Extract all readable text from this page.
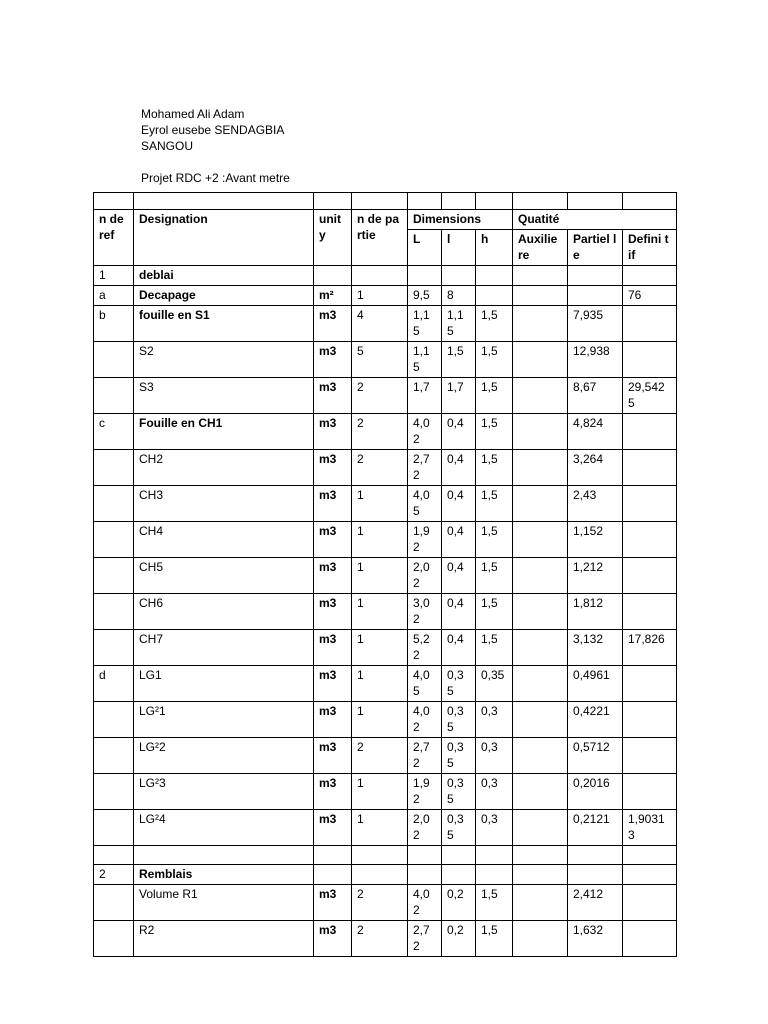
Mohamed Ali Adam
Eyrol eusebe SENDAGBIA
SANGOU
Projet RDC +2 :Avant metre

n de ref	Designation	unit y	n de partie	Dimensions			Quatité		
				L	l	h	Auxilie re	Partiel le	Defini tif
1	deblai								
a	Decapage	m²	1	9,5	8				76
b	fouille en S1	m3	4	1,15	1,15	1,5		7,935	
	S2	m3	5	1,15	1,5	1,5		12,938	
	S3	m3	2	1,7	1,7	1,5		8,67	29,5425
c	Fouille en CH1	m3	2	4,02	0,4	1,5		4,824	
	CH2	m3	2	2,72	0,4	1,5		3,264	
	CH3	m3	1	4,05	0,4	1,5		2,43	
	CH4	m3	1	1,92	0,4	1,5		1,152	
	CH5	m3	1	2,02	0,4	1,5		1,212	
	CH6	m3	1	3,02	0,4	1,5		1,812	
	CH7	m3	1	5,22	0,4	1,5		3,132	17,826
d	LG1	m3	1	4,05	0,35	0,35		0,4961	
	LG²1	m3	1	4,02	0,35	0,3		0,4221	
	LG²2	m3	2	2,72	0,35	0,3		0,5712	
	LG²3	m3	1	1,92	0,35	0,3		0,2016	
	LG²4	m3	1	2,02	0,35	0,3		0,2121	1,90313

2	Remblais								
	Volume R1	m3	2	4,02	0,2	1,5		2,412	
	R2	m3	2	2,72	0,2	1,5		1,632	
